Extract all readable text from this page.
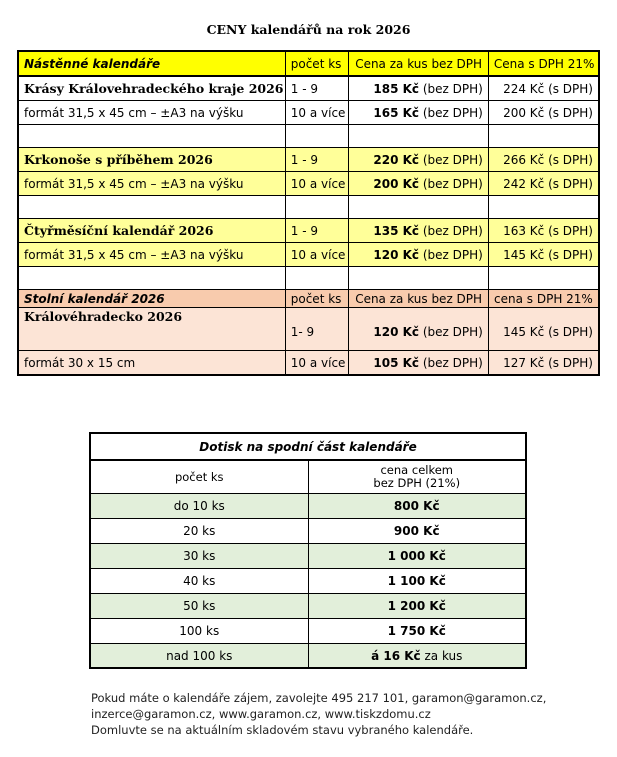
CENY kalendářů na rok 2026
Nástěnné kalendáře	počet ks	Cena za kus bez DPH	Cena s DPH 21%
Krásy Královehradeckého kraje 2026	1 - 9	185 Kč (bez DPH)	224 Kč (s DPH)
formát 31,5 x 45 cm – ±A3 na výšku	10 a více	165 Kč (bez DPH)	200 Kč (s DPH)

Krkonoše s příběhem 2026	1 - 9	220 Kč (bez DPH)	266 Kč (s DPH)
formát 31,5 x 45 cm – ±A3 na výšku	10 a více	200 Kč (bez DPH)	242 Kč (s DPH)

Čtyřměsíční kalendář 2026	1 - 9	135 Kč (bez DPH)	163 Kč (s DPH)
formát 31,5 x 45 cm – ±A3 na výšku	10 a více	120 Kč (bez DPH)	145 Kč (s DPH)

Stolní kalendář 2026	počet ks	Cena za kus bez DPH	cena s DPH 21%
Královéhradecko 2026	1- 9	120 Kč (bez DPH)	145 Kč (s DPH)
formát 30 x 15 cm	10 a více	105 Kč (bez DPH)	127 Kč (s DPH)
Dotisk na spodní část kalendáře	
počet ks	cena celkem
bez DPH (21%)

do 10 ks	800 Kč
20 ks	900 Kč
30 ks	1 000 Kč
40 ks	1 100 Kč
50 ks	1 200 Kč
100 ks	1 750 Kč
nad 100 ks	á 16 Kč za kus
Pokud máte o kalendáře zájem, zavolejte 495 217 101, garamon@garamon.cz,
inzerce@garamon.cz, www.garamon.cz, www.tiskzdomu.cz
Domluvte se na aktuálním skladovém stavu vybraného kalendáře.
